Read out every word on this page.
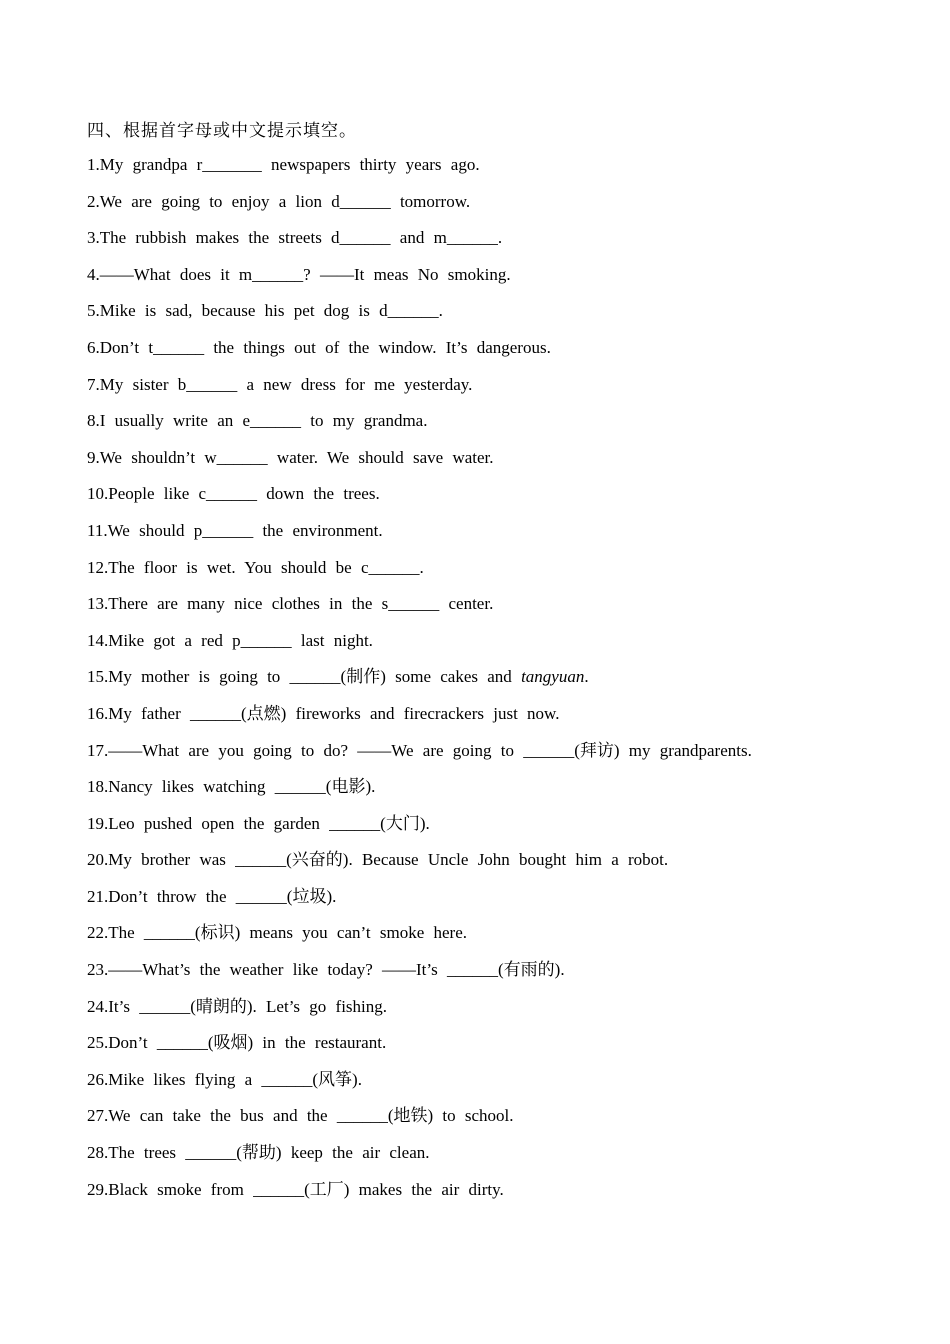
四、根据首字母或中文提示填空。
1.My grandpa r_______ newspapers thirty years ago.
2.We are going to enjoy a lion d______ tomorrow.
3.The rubbish makes the streets d______ and m______.
4.——What does it m______? ——It meas No smoking.
5.Mike is sad, because his pet dog is d______.
6.Don’t t______ the things out of the window. It’s dangerous.
7.My sister b______ a new dress for me yesterday.
8.I usually write an e______ to my grandma.
9.We shouldn’t w______ water. We should save water.
10.People like c______ down the trees.
11.We should p______ the environment.
12.The floor is wet. You should be c______.
13.There are many nice clothes in the s______ center.
14.Mike got a red p______ last night.
15.My mother is going to ______(制作) some cakes and tangyuan.
16.My father ______(点燃) fireworks and firecrackers just now.
17.——What are you going to do? ——We are going to ______(拜访) my grandparents.
18.Nancy likes watching ______(电影).
19.Leo pushed open the garden ______(大门).
20.My brother was ______(兴奋的). Because Uncle John bought him a robot.
21.Don’t throw the ______(垃圾).
22.The ______(标识) means you can’t smoke here.
23.——What’s the weather like today? ——It’s ______(有雨的).
24.It’s ______(晴朗的). Let’s go fishing.
25.Don’t ______(吸烟) in the restaurant.
26.Mike likes flying a ______(风筝).
27.We can take the bus and the ______(地铁) to school.
28.The trees ______(帮助) keep the air clean.
29.Black smoke from ______(工厂) makes the air dirty.
